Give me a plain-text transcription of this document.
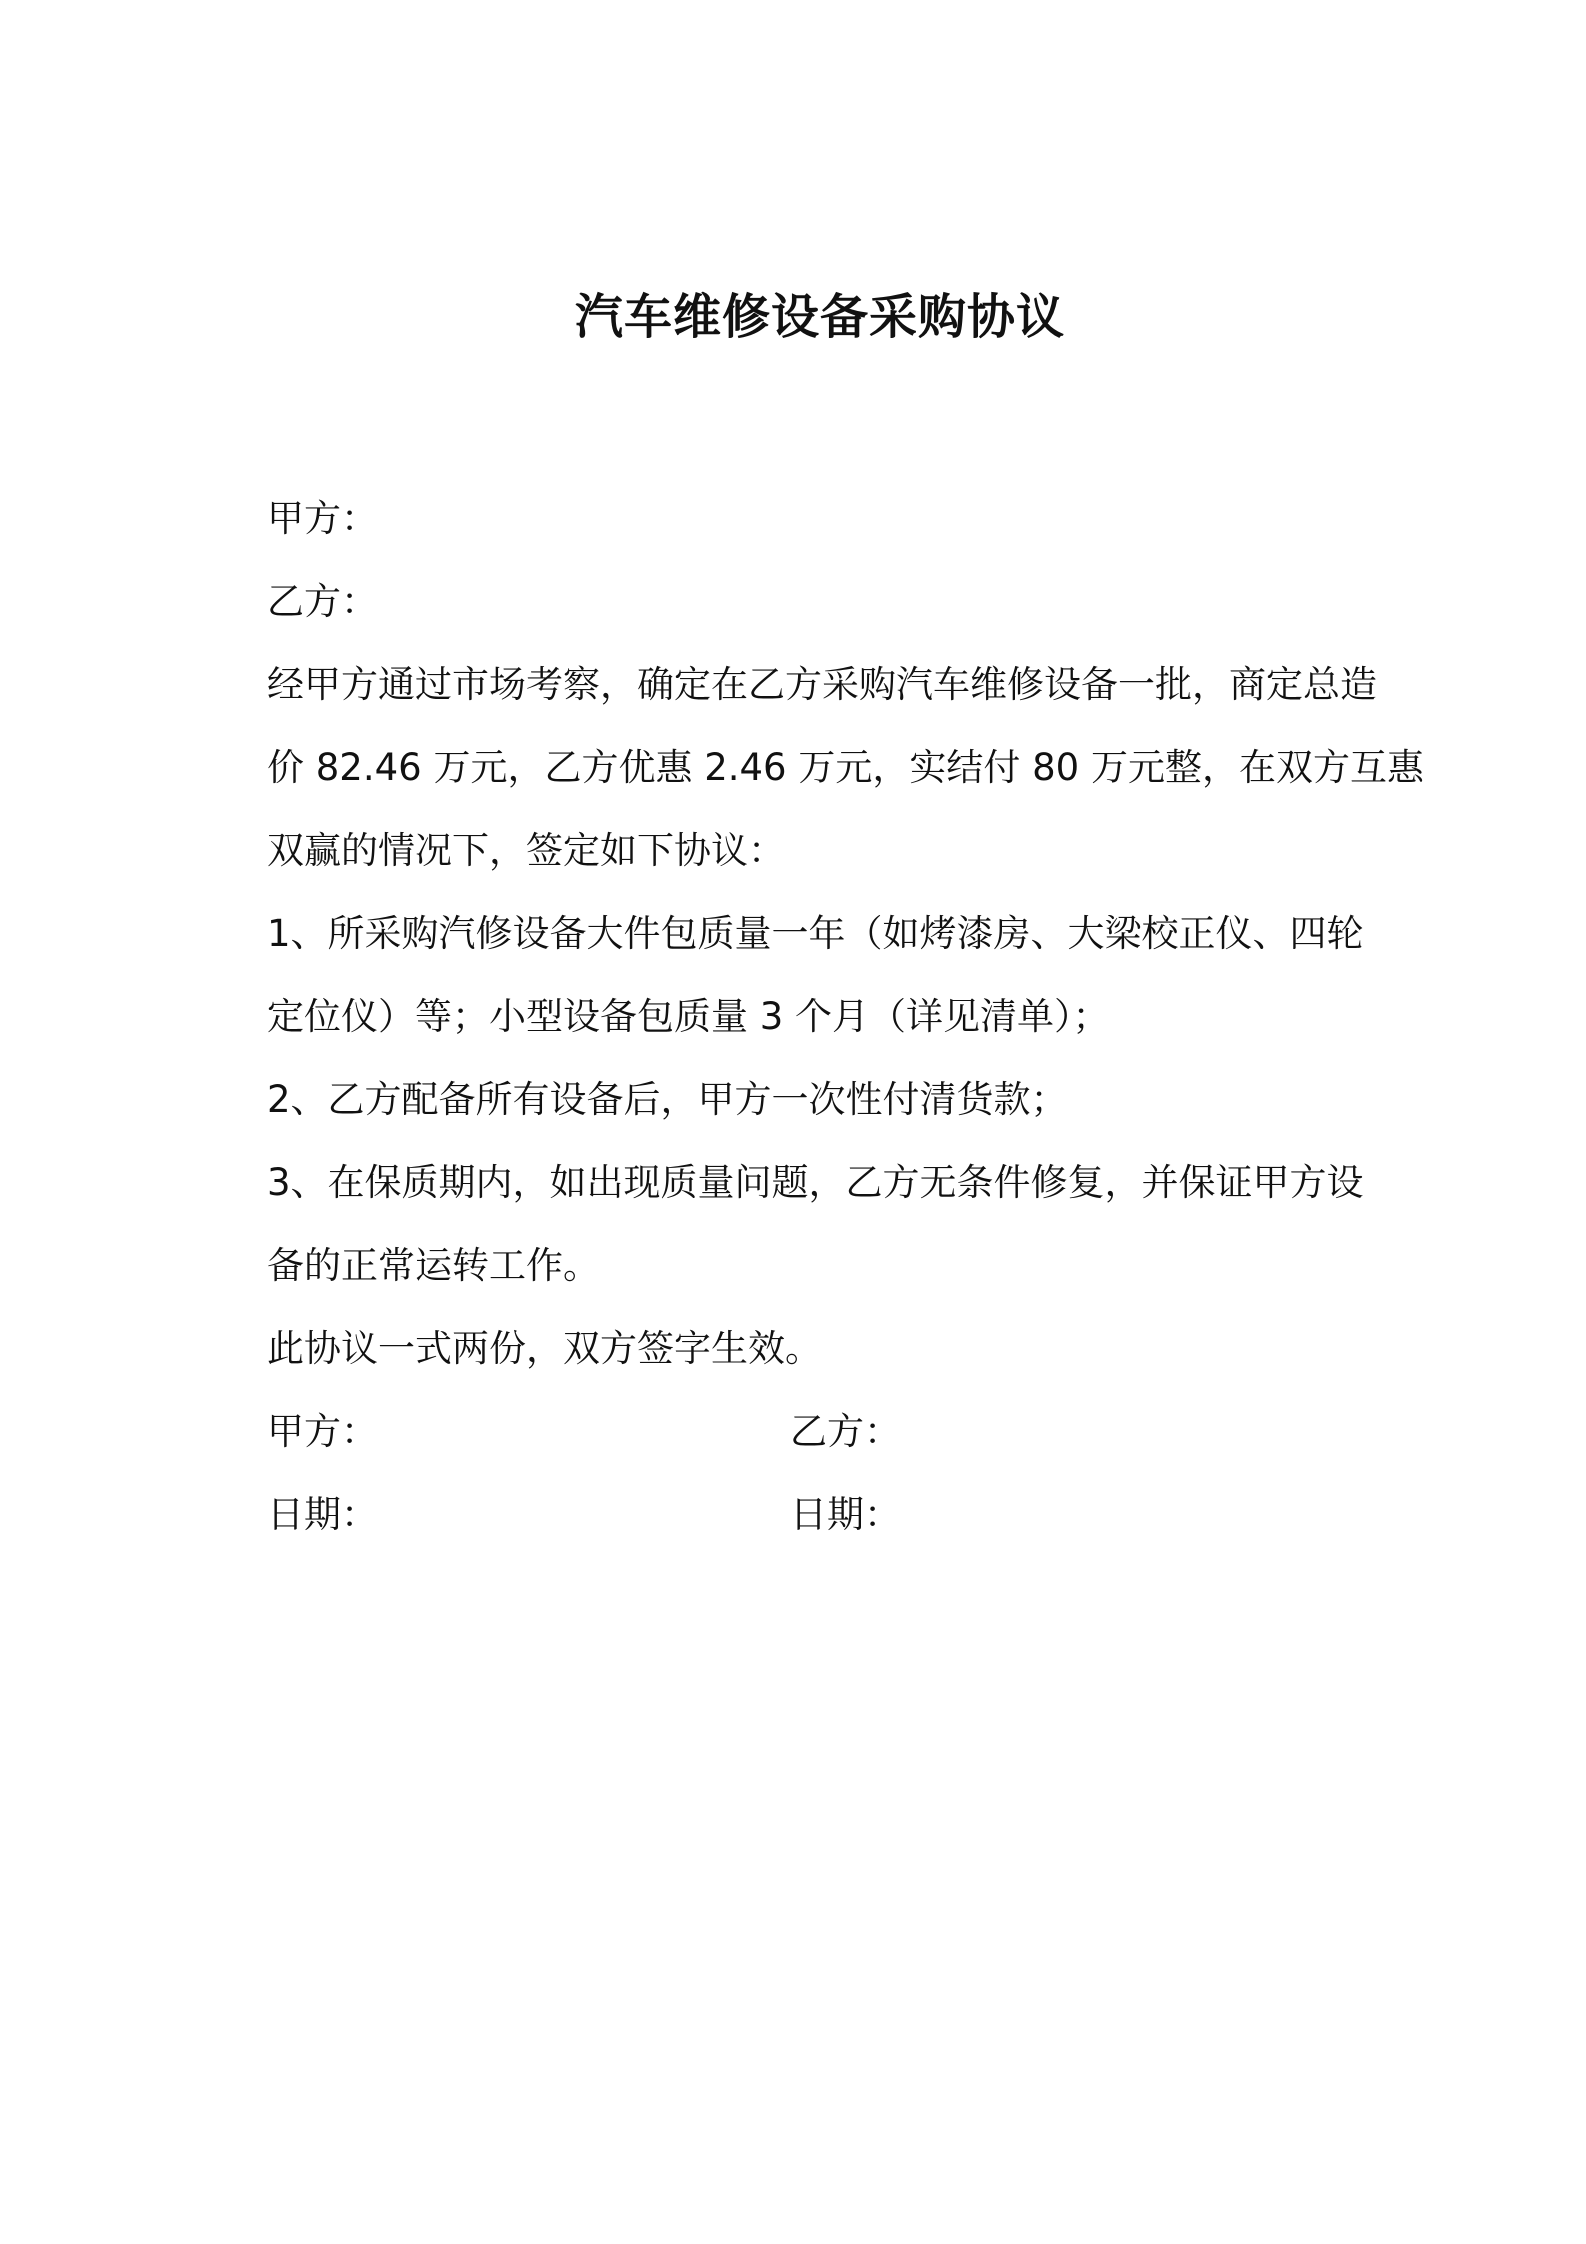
汽车维修设备采购协议
甲方：
乙方：
经甲方通过市场考察，确定在乙方采购汽车维修设备一批，商定总造
价 82.46 万元，乙方优惠 2.46 万元，实结付 80 万元整，在双方互惠
双赢的情况下，签定如下协议：
1、所采购汽修设备大件包质量一年（如烤漆房、大梁校正仪、四轮
定位仪）等；小型设备包质量 3 个月（详见清单）；
2、乙方配备所有设备后，甲方一次性付清货款；
3、在保质期内，如出现质量问题，乙方无条件修复，并保证甲方设
备的正常运转工作。
此协议一式两份，双方签字生效。
甲方：	乙方：
日期：	日期：
